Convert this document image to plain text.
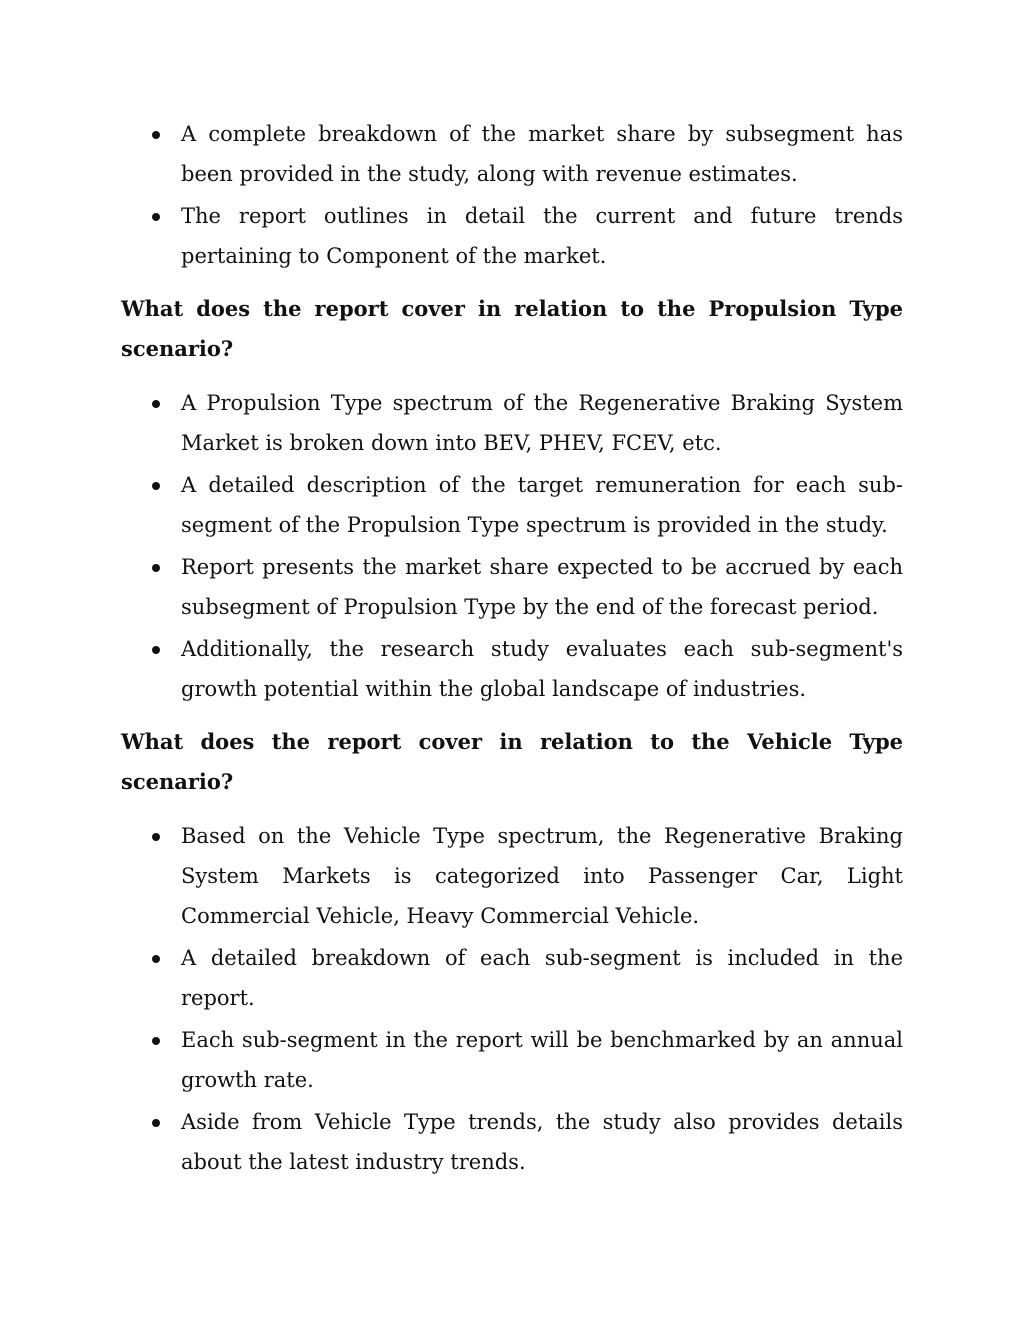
A complete breakdown of the market share by subsegment has been provided in the study, along with revenue estimates.
The report outlines in detail the current and future trends pertaining to Component of the market.
What does the report cover in relation to the Propulsion Type scenario?
A Propulsion Type spectrum of the Regenerative Braking System Market is broken down into BEV, PHEV, FCEV, etc.
A detailed description of the target remuneration for each sub-segment of the Propulsion Type spectrum is provided in the study.
Report presents the market share expected to be accrued by each subsegment of Propulsion Type by the end of the forecast period.
Additionally, the research study evaluates each sub-segment's growth potential within the global landscape of industries.
What does the report cover in relation to the Vehicle Type scenario?
Based on the Vehicle Type spectrum, the Regenerative Braking System Markets is categorized into Passenger Car, Light Commercial Vehicle, Heavy Commercial Vehicle.
A detailed breakdown of each sub-segment is included in the report.
Each sub-segment in the report will be benchmarked by an annual growth rate.
Aside from Vehicle Type trends, the study also provides details about the latest industry trends.
